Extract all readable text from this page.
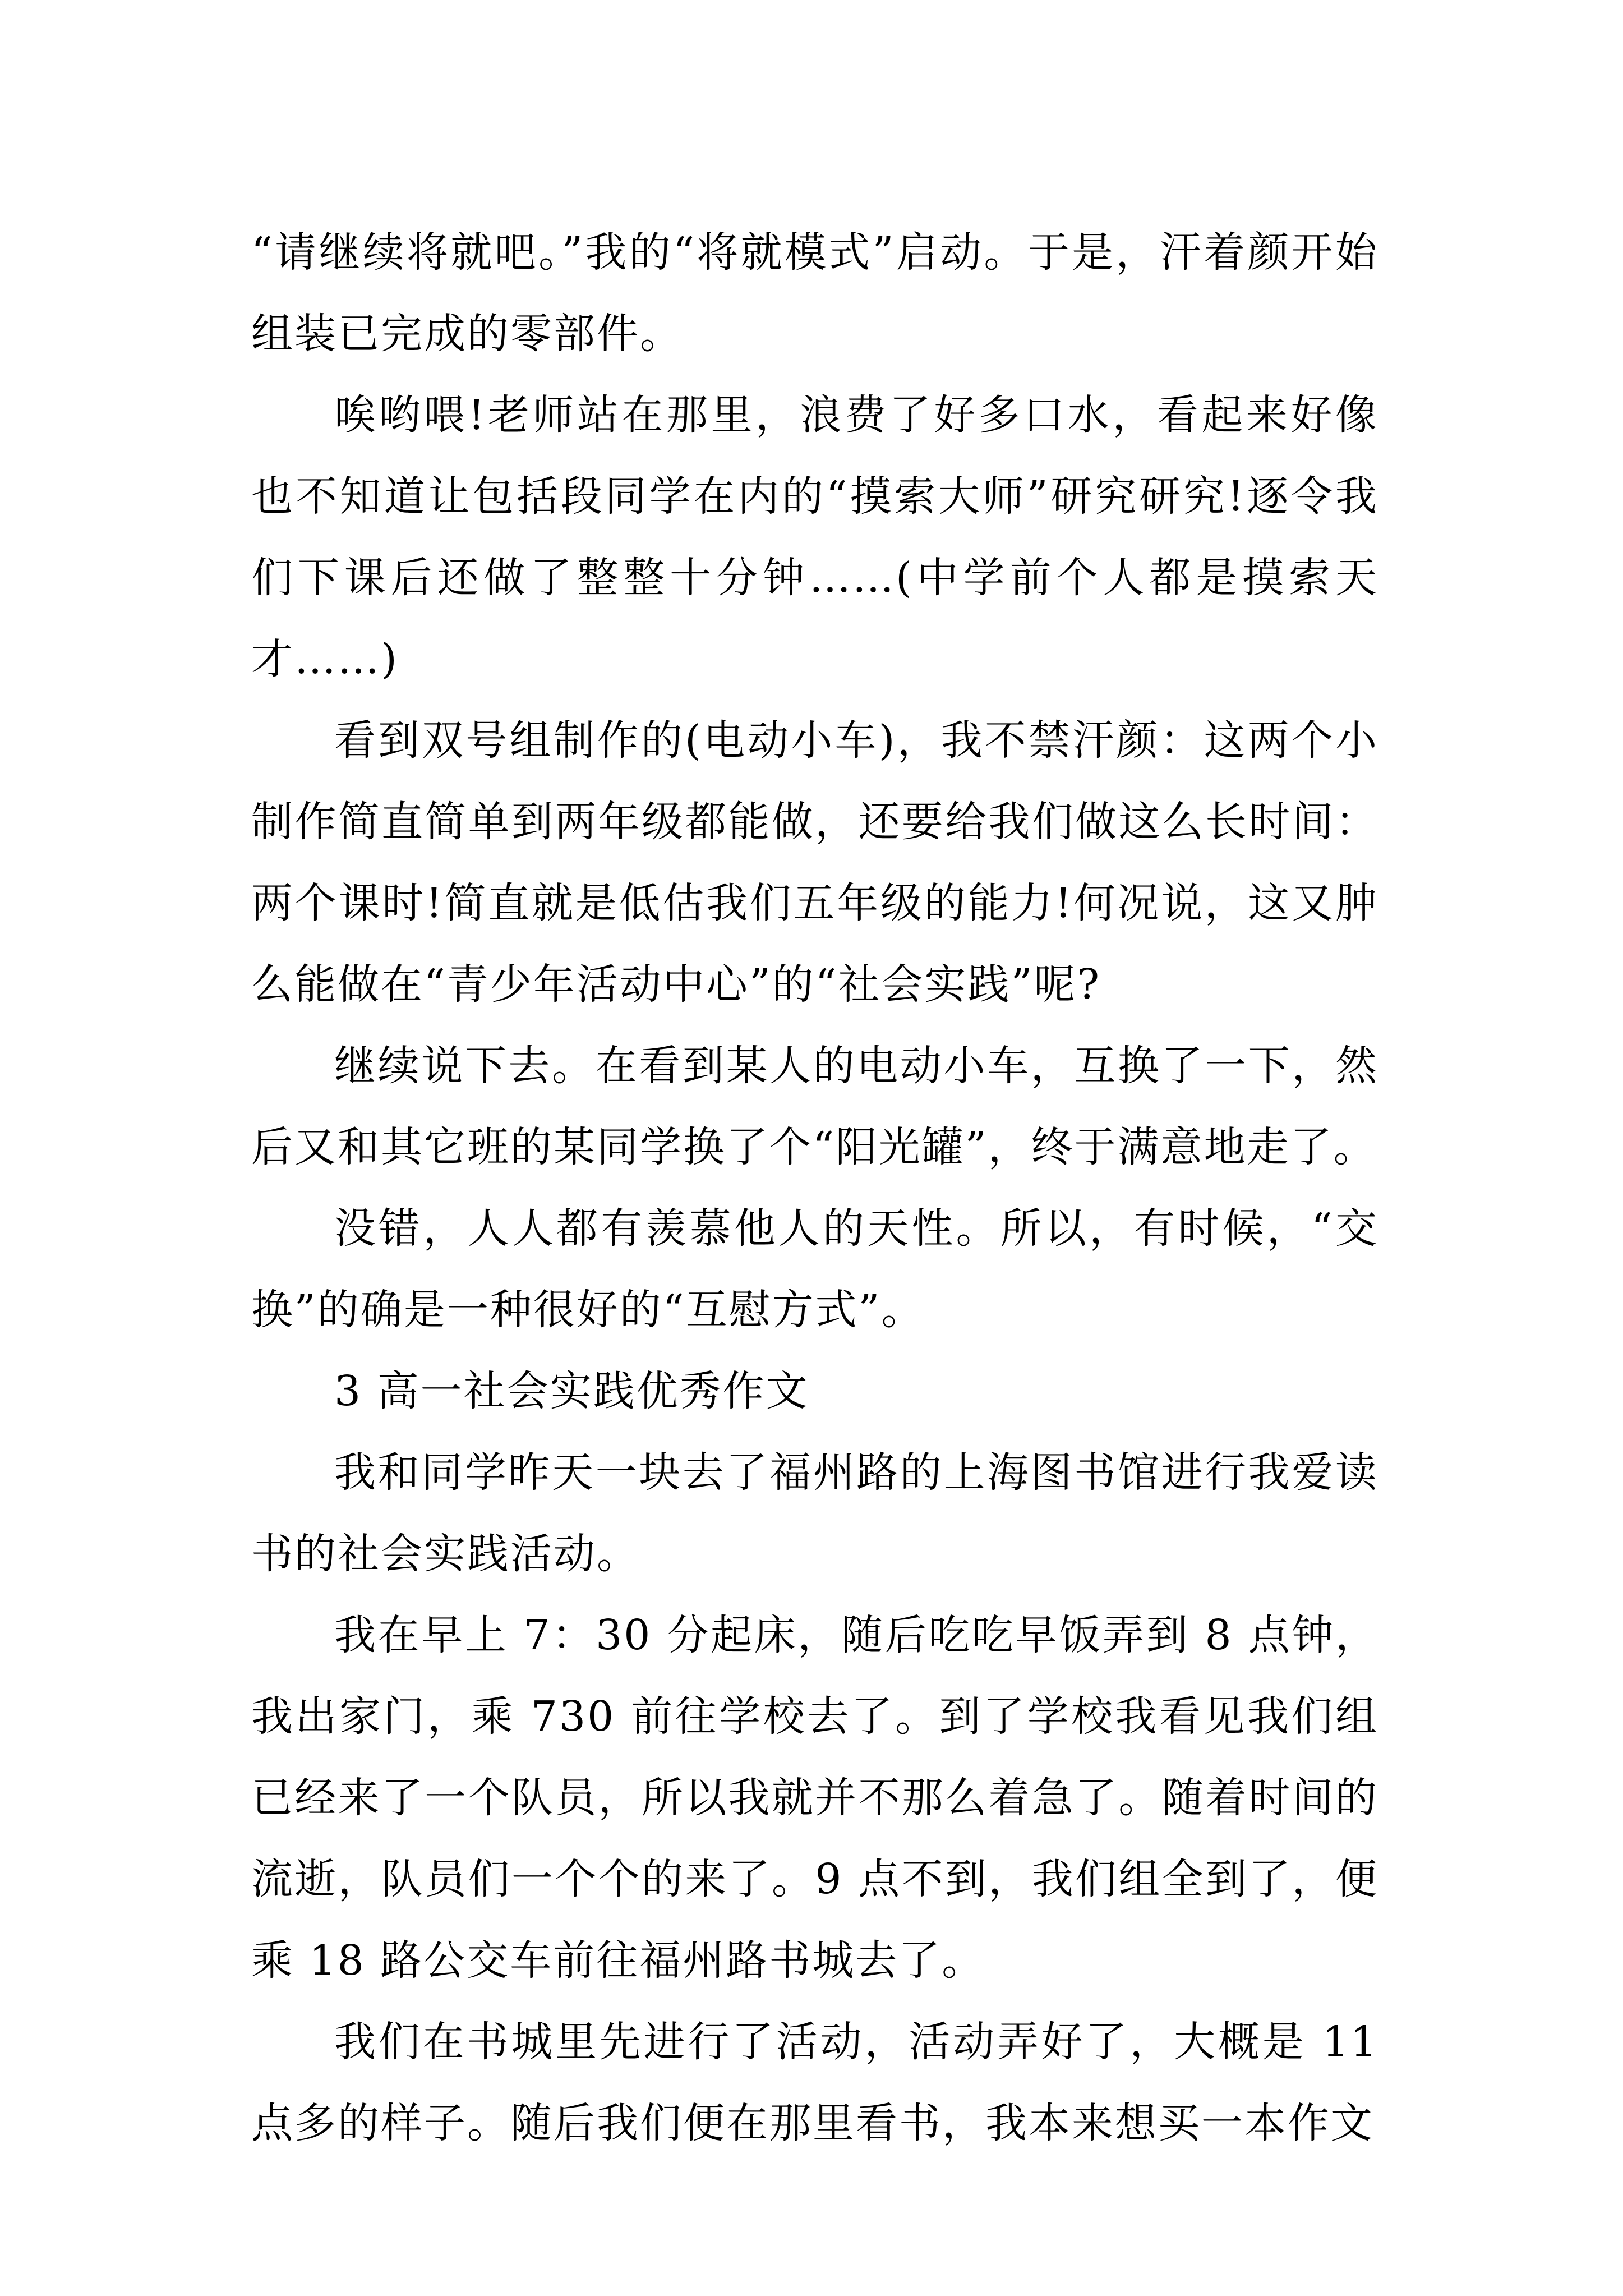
“请继续将就吧。”我的“将就模式”启动。于是，汗着颜开始组装已完成的零部件。

唉哟喂!老师站在那里，浪费了好多口水，看起来好像也不知道让包括段同学在内的“摸索大师”研究研究!逐令我们下课后还做了整整十分钟……(中学前个人都是摸索天才……)

看到双号组制作的(电动小车)，我不禁汗颜：这两个小制作简直简单到两年级都能做，还要给我们做这么长时间：两个课时!简直就是低估我们五年级的能力!何况说，这又肿么能做在“青少年活动中心”的“社会实践”呢?

继续说下去。在看到某人的电动小车，互换了一下，然后又和其它班的某同学换了个“阳光罐”，终于满意地走了。

没错，人人都有羡慕他人的天性。所以，有时候，“交换”的确是一种很好的“互慰方式”。

3 高一社会实践优秀作文

我和同学昨天一块去了福州路的上海图书馆进行我爱读书的社会实践活动。

我在早上 7：30 分起床，随后吃吃早饭弄到 8 点钟，我出家门，乘 730 前往学校去了。到了学校我看见我们组已经来了一个队员，所以我就并不那么着急了。随着时间的流逝，队员们一个个的来了。9 点不到，我们组全到了，便乘 18 路公交车前往福州路书城去了。

我们在书城里先进行了活动，活动弄好了，大概是 11 点多的样子。随后我们便在那里看书，我本来想买一本作文
